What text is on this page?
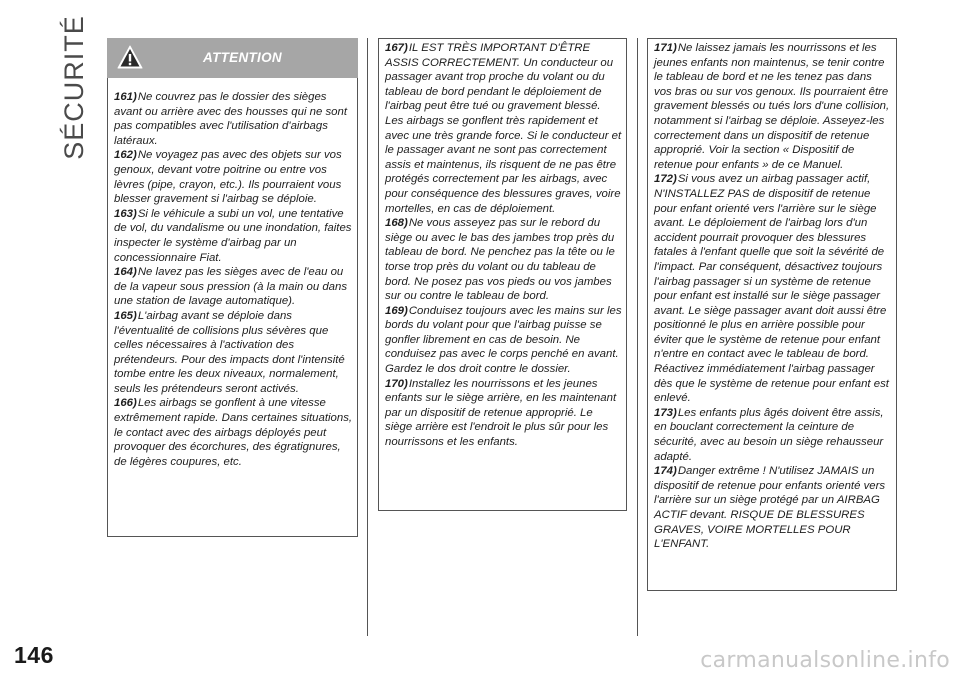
SÉCURITÉ	ATTENTION

161)Ne couvrez pas le dossier des sièges avant ou arrière avec des housses qui ne sont pas compatibles avec l'utilisation d'airbags latéraux.

162)Ne voyagez pas avec des objets sur vos genoux, devant votre poitrine ou entre vos lèvres (pipe, crayon, etc.). Ils pourraient vous blesser gravement si l'airbag se déploie.

163)Si le véhicule a subi un vol, une tentative de vol, du vandalisme ou une inondation, faites inspecter le système d'airbag par un concessionnaire Fiat.

164)Ne lavez pas les sièges avec de l'eau ou de la vapeur sous pression (à la main ou dans une station de lavage automatique).

165)L'airbag avant se déploie dans l'éventualité de collisions plus sévères que celles nécessaires à l'activation des prétendeurs. Pour des impacts dont l'intensité tombe entre les deux niveaux, normalement, seuls les prétendeurs seront activés.

166)Les airbags se gonflent à une vitesse extrêmement rapide. Dans certaines situations, le contact avec des airbags déployés peut provoquer des écorchures, des égratignures, de légères coupures, etc.

167)IL EST TRÈS IMPORTANT D'ÊTRE ASSIS CORRECTEMENT. Un conducteur ou passager avant trop proche du volant ou du tableau de bord pendant le déploiement de l'airbag peut être tué ou gravement blessé. Les airbags se gonflent très rapidement et avec une très grande force. Si le conducteur et le passager avant ne sont pas correctement assis et maintenus, ils risquent de ne pas être protégés correctement par les airbags, avec pour conséquence des blessures graves, voire mortelles, en cas de déploiement.

168)Ne vous asseyez pas sur le rebord du siège ou avec le bas des jambes trop près du tableau de bord. Ne penchez pas la tête ou le torse trop près du volant ou du tableau de bord. Ne posez pas vos pieds ou vos jambes sur ou contre le tableau de bord.

169)Conduisez toujours avec les mains sur les bords du volant pour que l'airbag puisse se gonfler librement en cas de besoin. Ne conduisez pas avec le corps penché en avant. Gardez le dos droit contre le dossier.

170)Installez les nourrissons et les jeunes enfants sur le siège arrière, en les maintenant par un dispositif de retenue approprié. Le siège arrière est l'endroit le plus sûr pour les nourrissons et les enfants.

171)Ne laissez jamais les nourrissons et les jeunes enfants non maintenus, se tenir contre le tableau de bord et ne les tenez pas dans vos bras ou sur vos genoux. Ils pourraient être gravement blessés ou tués lors d'une collision, notamment si l'airbag se déploie. Asseyez-les correctement dans un dispositif de retenue approprié. Voir la section « Dispositif de retenue pour enfants » de ce Manuel.

172)Si vous avez un airbag passager actif, N'INSTALLEZ PAS de dispositif de retenue pour enfant orienté vers l'arrière sur le siège avant. Le déploiement de l'airbag lors d'un accident pourrait provoquer des blessures fatales à l'enfant quelle que soit la sévérité de l'impact. Par conséquent, désactivez toujours l'airbag passager si un système de retenue pour enfant est installé sur le siège passager avant. Le siège passager avant doit aussi être positionné le plus en arrière possible pour éviter que le système de retenue pour enfant n'entre en contact avec le tableau de bord. Réactivez immédiatement l'airbag passager dès que le système de retenue pour enfant est enlevé.

173)Les enfants plus âgés doivent être assis, en bouclant correctement la ceinture de sécurité, avec au besoin un siège rehausseur adapté.

174)Danger extrême ! N'utilisez JAMAIS un dispositif de retenue pour enfants orienté vers l'arrière sur un siège protégé par un AIRBAG ACTIF devant. RISQUE DE BLESSURES GRAVES, VOIRE MORTELLES POUR L'ENFANT.

146	carmanualsonline.info
